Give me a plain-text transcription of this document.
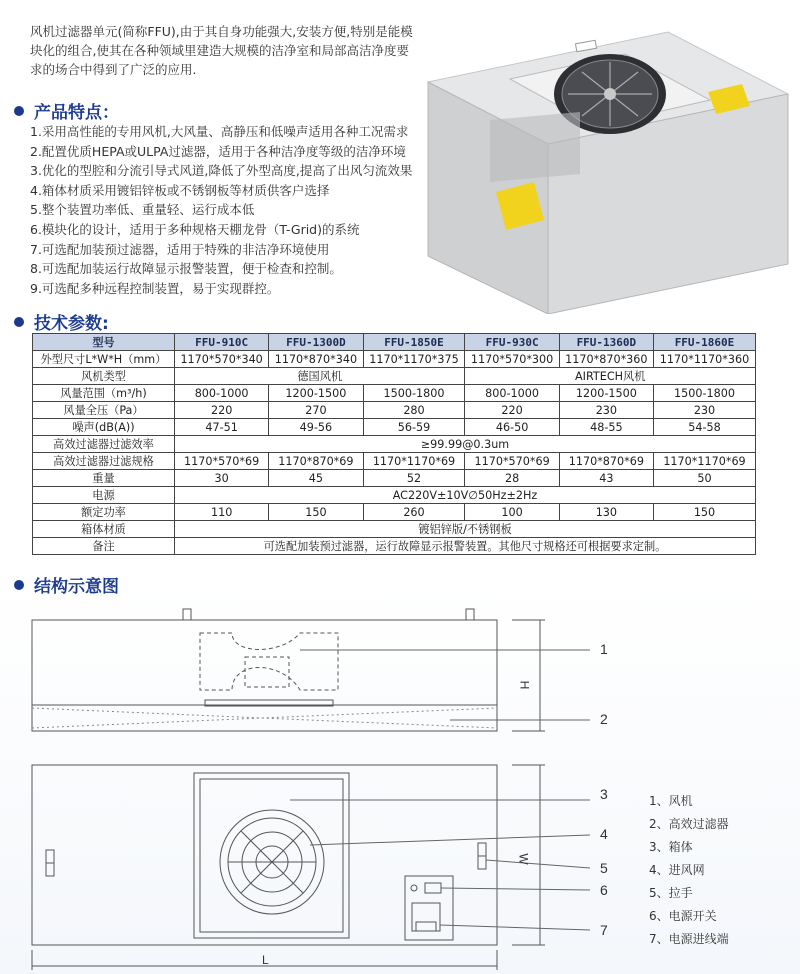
风机过滤器单元(简称FFU),由于其自身功能强大,安装方便,特别是能模块化的组合,使其在各种领域里建造大规模的洁净室和局部高洁净度要求的场合中得到了广泛的应用.

产品特点：
1.采用高性能的专用风机,大风量、高静压和低噪声适用各种工况需求
2.配置优质HEPA或ULPA过滤器，适用于各种洁净度等级的洁净环境
3.优化的型腔和分流引导式风道,降低了外型高度,提高了出风匀流效果
4.箱体材质采用镀铝锌板或不锈钢板等材质供客户选择
5.整个装置功率低、重量轻、运行成本低
6.模块化的设计，适用于多种规格天棚龙骨（T-Grid)的系统
7.可选配加装预过滤器，适用于特殊的非洁净环境使用
8.可选配加装运行故障显示报警装置，便于检查和控制。
9.可选配多种远程控制装置，易于实现群控。
技术参数:
型号	FFU-910C	FFU-1300D	FFU-1850E	FFU-930C	FFU-1360D	FFU-1860E
外型尺寸L*W*H（mm）	1170*570*340	1170*870*340	1170*1170*375	1170*570*300	1170*870*360	1170*1170*360
风机类型	德国风机			AIRTECH风机		
风量范围（m³/h)	800-1000	1200-1500	1500-1800	800-1000	1200-1500	1500-1800
风量全压（Pa）	220	270	280	220	230	230
噪声(dB(A))	47-51	49-56	56-59	46-50	48-55	54-58
高效过滤器过滤效率	≥99.99@0.3um					
高效过滤器过滤规格	1170*570*69	1170*870*69	1170*1170*69	1170*570*69	1170*870*69	1170*1170*69
重量	30	45	52	28	43	50
电源	AC220V±10V∅50Hz±2Hz					
额定功率	110	150	260	100	130	150
箱体材质	镀铝锌版/不锈钢板					
备注	可选配加装预过滤器，运行故障显示报警装置。其他尺寸规格还可根据要求定制。					
结构示意图
1
2
3
4
5
6
7
H
W
L
1、风机
2、高效过滤器
3、箱体
4、进风网
5、拉手
6、电源开关
7、电源进线端
